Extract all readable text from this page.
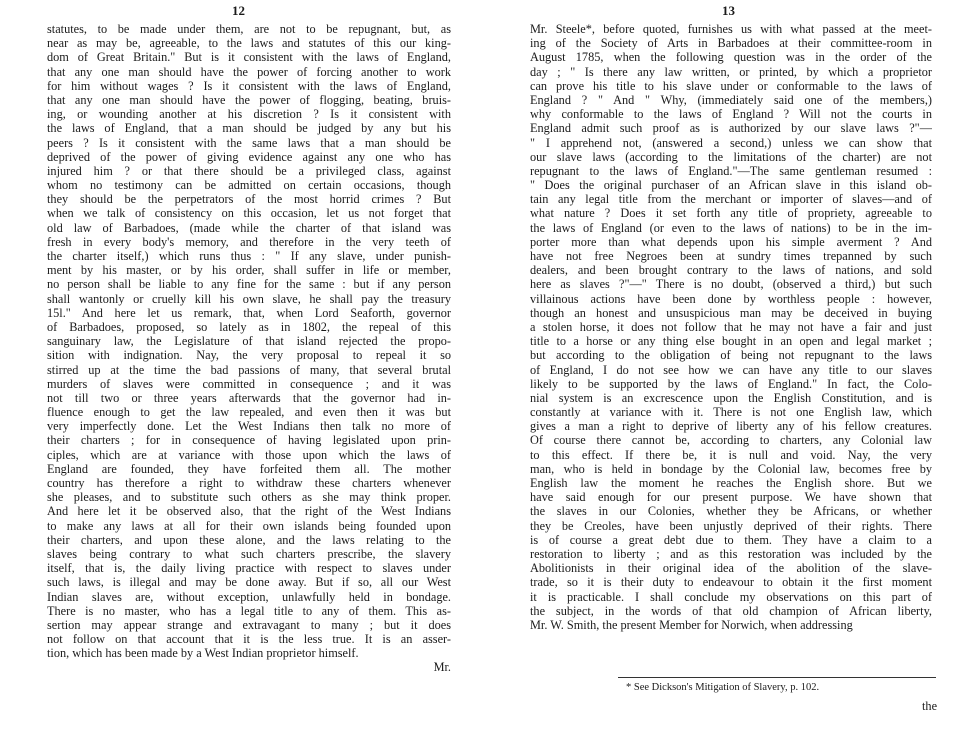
12
statutes, to be made under them, are not to be repugnant, but, as
near as may be, agreeable, to the laws and statutes of this our king-
dom of Great Britain." But is it consistent with the laws of England,
that any one man should have the power of forcing another to work
for him without wages ? Is it consistent with the laws of England,
that any one man should have the power of flogging, beating, bruis-
ing, or wounding another at his discretion ? Is it consistent with
the laws of England, that a man should be judged by any but his
peers ? Is it consistent with the same laws that a man should be
deprived of the power of giving evidence against any one who has
injured him ? or that there should be a privileged class, against
whom no testimony can be admitted on certain occasions, though
they should be the perpetrators of the most horrid crimes ? But
when we talk of consistency on this occasion, let us not forget that
old law of Barbadoes, (made while the charter of that island was
fresh in every body's memory, and therefore in the very teeth of
the charter itself,) which runs thus : " If any slave, under punish-
ment by his master, or by his order, shall suffer in life or member,
no person shall be liable to any fine for the same : but if any person
shall wantonly or cruelly kill his own slave, he shall pay the treasury
15l." And here let us remark, that, when Lord Seaforth, governor
of Barbadoes, proposed, so lately as in 1802, the repeal of this
sanguinary law, the Legislature of that island rejected the propo-
sition with indignation. Nay, the very proposal to repeal it so
stirred up at the time the bad passions of many, that several brutal
murders of slaves were committed in consequence ; and it was
not till two or three years afterwards that the governor had in-
fluence enough to get the law repealed, and even then it was but
very imperfectly done. Let the West Indians then talk no more of
their charters ; for in consequence of having legislated upon prin-
ciples, which are at variance with those upon which the laws of
England are founded, they have forfeited them all. The mother
country has therefore a right to withdraw these charters whenever
she pleases, and to substitute such others as she may think proper.
And here let it be observed also, that the right of the West Indians
to make any laws at all for their own islands being founded upon
their charters, and upon these alone, and the laws relating to the
slaves being contrary to what such charters prescribe, the slavery
itself, that is, the daily living practice with respect to slaves under
such laws, is illegal and may be done away. But if so, all our West
Indian slaves are, without exception, unlawfully held in bondage.
There is no master, who has a legal title to any of them. This as-
sertion may appear strange and extravagant to many ; but it does
not follow on that account that it is the less true. It is an asser-
tion, which has been made by a West Indian proprietor himself.
Mr.
13
Mr. Steele*, before quoted, furnishes us with what passed at the meet-
ing of the Society of Arts in Barbadoes at their committee-room in
August 1785, when the following question was in the order of the
day ; " Is there any law written, or printed, by which a proprietor
can prove his title to his slave under or conformable to the laws of
England ? " And " Why, (immediately said one of the members,)
why conformable to the laws of England ? Will not the courts in
England admit such proof as is authorized by our slave laws ?"—
" I apprehend not, (answered a second,) unless we can show that
our slave laws (according to the limitations of the charter) are not
repugnant to the laws of England."—The same gentleman resumed :
" Does the original purchaser of an African slave in this island ob-
tain any legal title from the merchant or importer of slaves—and of
what nature ? Does it set forth any title of propriety, agreeable to
the laws of England (or even to the laws of nations) to be in the im-
porter more than what depends upon his simple averment ? And
have not free Negroes been at sundry times trepanned by such
dealers, and been brought contrary to the laws of nations, and sold
here as slaves ?"—" There is no doubt, (observed a third,) but such
villainous actions have been done by worthless people : however,
though an honest and unsuspicious man may be deceived in buying
a stolen horse, it does not follow that he may not have a fair and just
title to a horse or any thing else bought in an open and legal market ;
but according to the obligation of being not repugnant to the laws
of England, I do not see how we can have any title to our slaves
likely to be supported by the laws of England." In fact, the Colo-
nial system is an excrescence upon the English Constitution, and is
constantly at variance with it. There is not one English law, which
gives a man a right to deprive of liberty any of his fellow creatures.
Of course there cannot be, according to charters, any Colonial law
to this effect. If there be, it is null and void. Nay, the very
man, who is held in bondage by the Colonial law, becomes free by
English law the moment he reaches the English shore. But we
have said enough for our present purpose. We have shown that
the slaves in our Colonies, whether they be Africans, or whether
they be Creoles, have been unjustly deprived of their rights. There
is of course a great debt due to them. They have a claim to a
restoration to liberty ; and as this restoration was included by the
Abolitionists in their original idea of the abolition of the slave-
trade, so it is their duty to endeavour to obtain it the first moment
it is practicable. I shall conclude my observations on this part of
the subject, in the words of that old champion of African liberty,
Mr. W. Smith, the present Member for Norwich, when addressing
* See Dickson's Mitigation of Slavery, p. 102.
the
